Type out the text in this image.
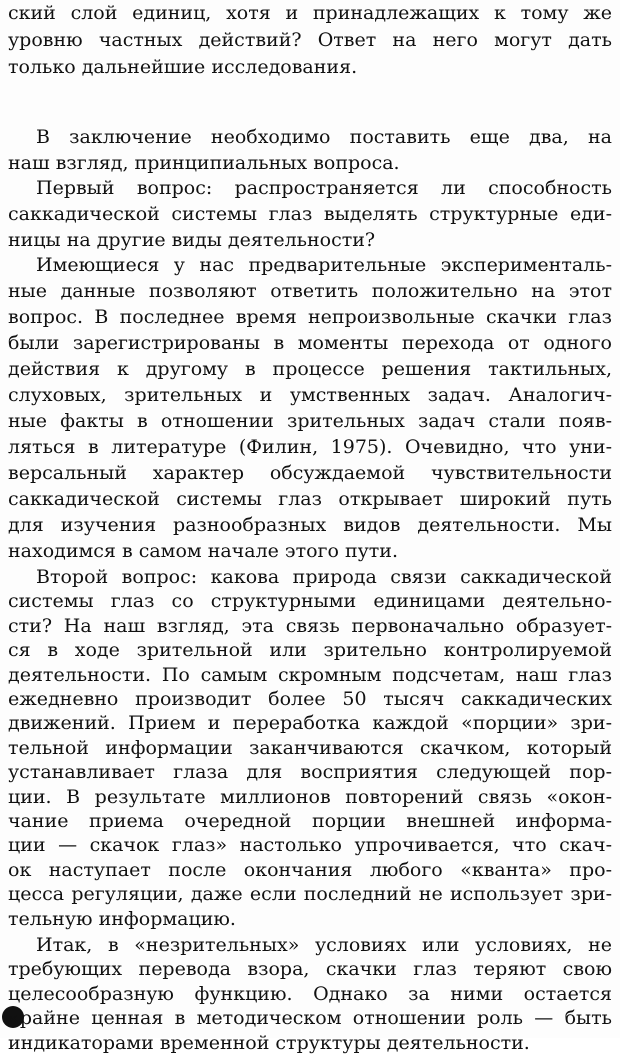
ский слой единиц, хотя и принадлежащих к тому же
уровню частных действий? Ответ на него могут дать
только дальнейшие исследования.
В заключение необходимо поставить еще два, на
наш взгляд, принципиальных вопроса.
Первый вопрос: распространяется ли способность
саккадической системы глаз выделять структурные еди-
ницы на другие виды деятельности?
Имеющиеся у нас предварительные эксперименталь-
ные данные позволяют ответить положительно на этот
вопрос. В последнее время непроизвольные скачки глаз
были зарегистрированы в моменты перехода от одного
действия к другому в процессе решения тактильных,
слуховых, зрительных и умственных задач. Аналогич-
ные факты в отношении зрительных задач стали появ-
ляться в литературе (Филин, 1975). Очевидно, что уни-
версальный характер обсуждаемой чувствительности
саккадической системы глаз открывает широкий путь
для изучения разнообразных видов деятельности. Мы
находимся в самом начале этого пути.
Второй вопрос: какова природа связи саккадической
системы глаз со структурными единицами деятельно-
сти? На наш взгляд, эта связь первоначально образует-
ся в ходе зрительной или зрительно контролируемой
деятельности. По самым скромным подсчетам, наш глаз
ежедневно производит более 50 тысяч саккадических
движений. Прием и переработка каждой «порции» зри-
тельной информации заканчиваются скачком, который
устанавливает глаза для восприятия следующей пор-
ции. В результате миллионов повторений связь «окон-
чание приема очередной порции внешней информа-
ции — скачок глаз» настолько упрочивается, что скач-
ок наступает после окончания любого «кванта» про-
цесса регуляции, даже если последний не использует зри-
тельную информацию.
Итак, в «незрительных» условиях или условиях, не
требующих перевода взора, скачки глаз теряют свою
целесообразную функцию. Однако за ними остается
крайне ценная в методическом отношении роль — быть
индикаторами временной структуры деятельности.
